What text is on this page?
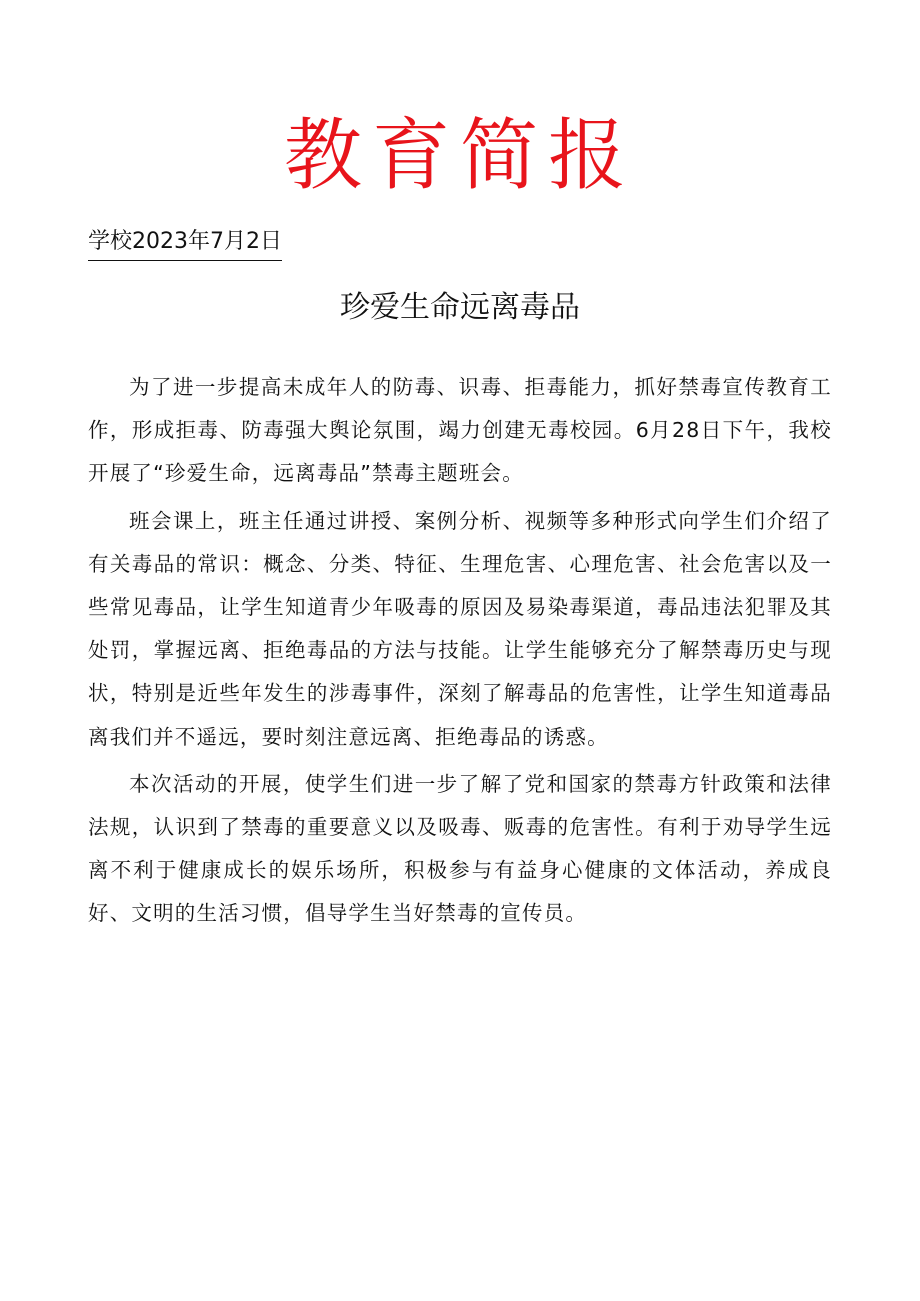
教育简报
学校2023年7月2日
珍爱生命远离毒品

为了进一步提高未成年人的防毒、识毒、拒毒能力，抓好禁毒宣传教育工作，形成拒毒、防毒强大舆论氛围，竭力创建无毒校园。6月28日下午，我校开展了“珍爱生命，远离毒品”禁毒主题班会。

班会课上，班主任通过讲授、案例分析、视频等多种形式向学生们介绍了有关毒品的常识：概念、分类、特征、生理危害、心理危害、社会危害以及一些常见毒品，让学生知道青少年吸毒的原因及易染毒渠道，毒品违法犯罪及其处罚，掌握远离、拒绝毒品的方法与技能。让学生能够充分了解禁毒历史与现状，特别是近些年发生的涉毒事件，深刻了解毒品的危害性，让学生知道毒品离我们并不遥远，要时刻注意远离、拒绝毒品的诱惑。

本次活动的开展，使学生们进一步了解了党和国家的禁毒方针政策和法律法规，认识到了禁毒的重要意义以及吸毒、贩毒的危害性。有利于劝导学生远离不利于健康成长的娱乐场所，积极参与有益身心健康的文体活动，养成良好、文明的生活习惯，倡导学生当好禁毒的宣传员。
